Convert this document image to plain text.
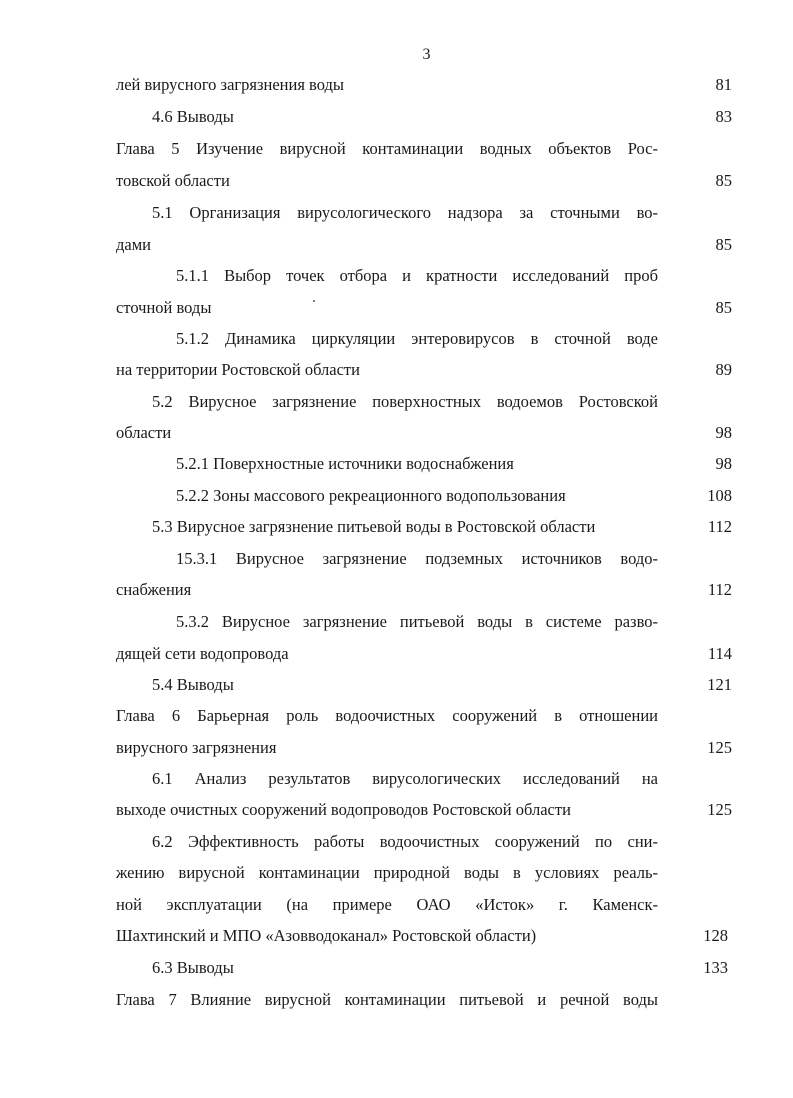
3
лей вирусного загрязнения воды	81
4.6 Выводы	83
Глава 5 Изучение вирусной контаминации водных объектов Рос-
товской области	85
5.1 Организация вирусологического надзора за сточными во-
дами	85
5.1.1 Выбор точек отбора и кратности исследований проб
сточной воды	85
5.1.2 Динамика циркуляции энтеровирусов в сточной воде
на территории Ростовской области	89
5.2 Вирусное загрязнение поверхностных водоемов Ростовской
области	98
5.2.1 Поверхностные источники водоснабжения	98
5.2.2 Зоны массового рекреационного водопользования	108
5.3 Вирусное загрязнение питьевой воды в Ростовской области	112
15.3.1 Вирусное загрязнение подземных источников водо-
снабжения	112
5.3.2 Вирусное загрязнение питьевой воды в системе разво-
дящей сети водопровода	114
5.4 Выводы	121
Глава 6 Барьерная роль водоочистных сооружений в отношении
вирусного загрязнения	125
6.1 Анализ результатов вирусологических исследований на
выходе очистных сооружений водопроводов Ростовской области	125
6.2 Эффективность работы водоочистных сооружений по сни-
жению вирусной контаминации природной воды в условиях реаль-
ной эксплуатации (на примере ОАО «Исток» г. Каменск-
Шахтинский и МПО «Азовводоканал» Ростовской области)	128
6.3 Выводы	133
Глава 7 Влияние вирусной контаминации питьевой и речной воды
